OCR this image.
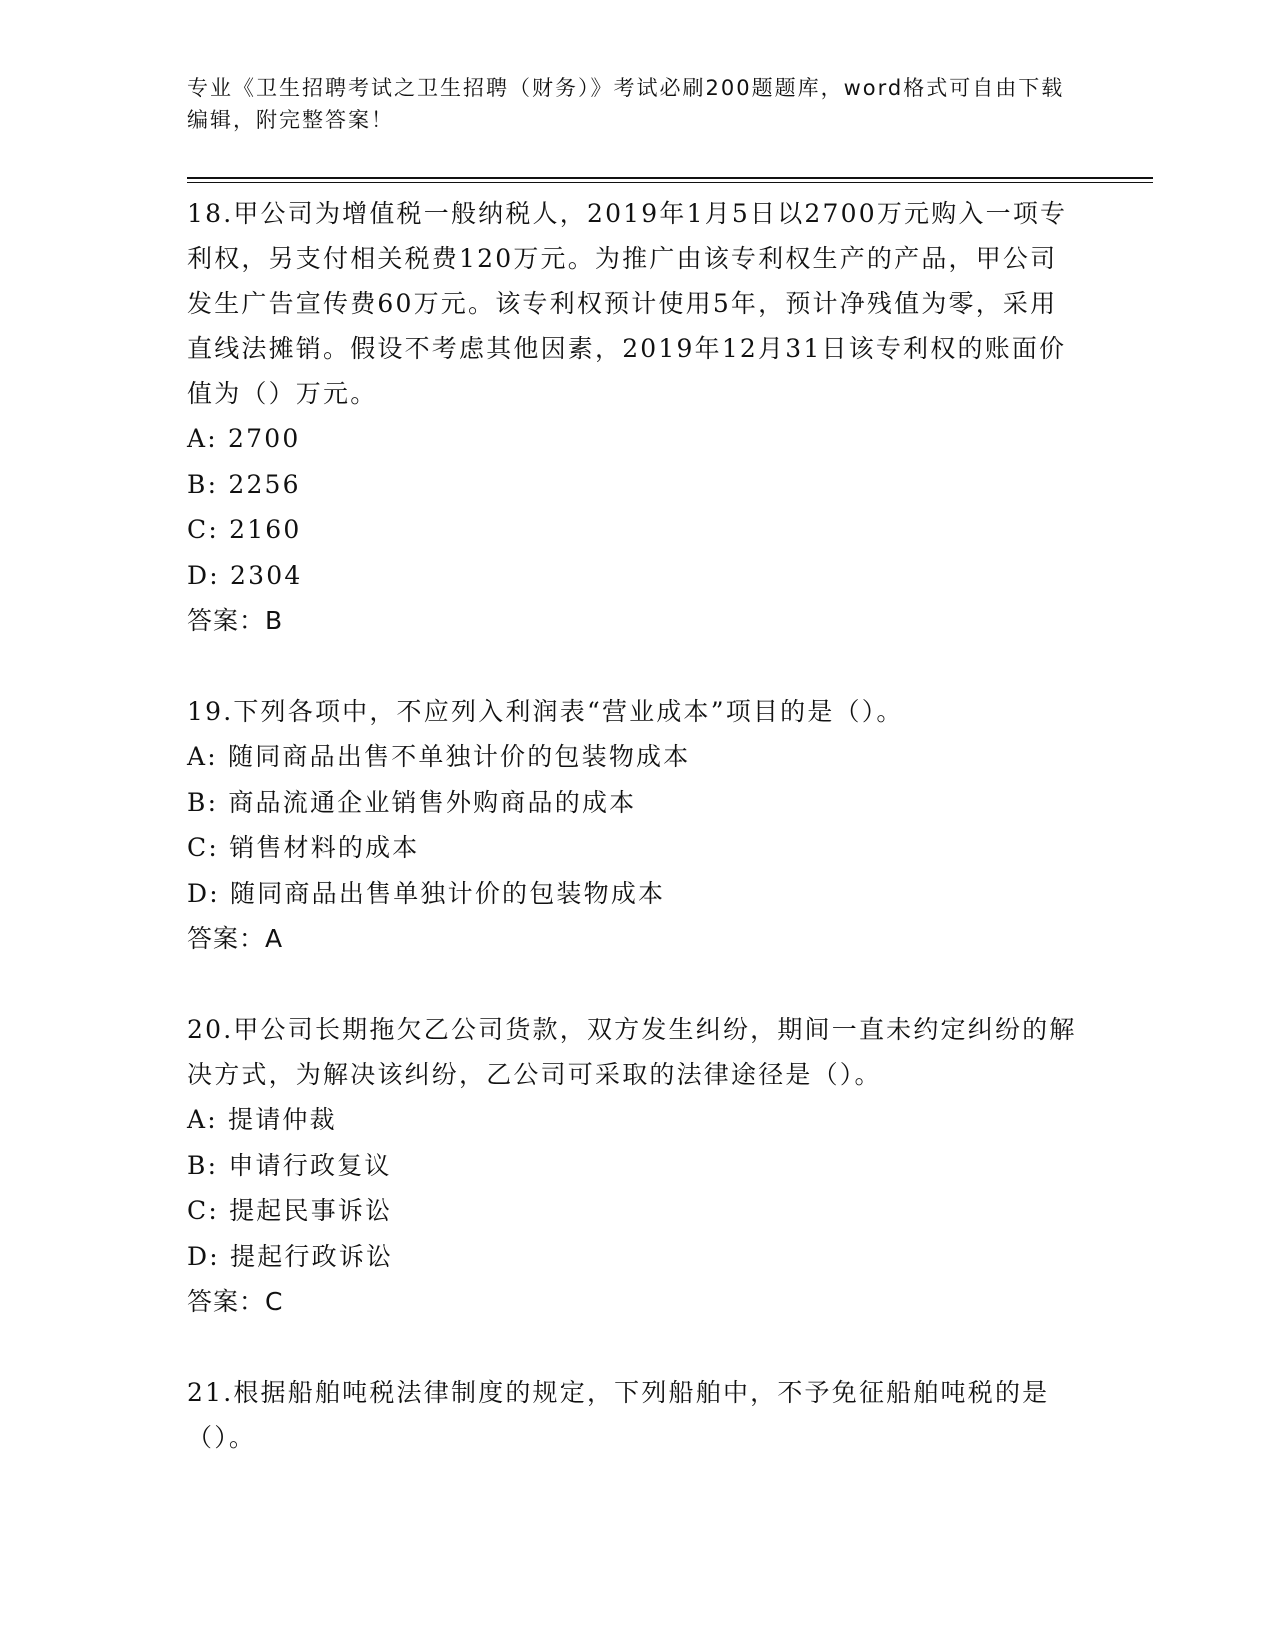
专业《卫生招聘考试之卫生招聘（财务）》考试必刷200题题库，word格式可自由下载编辑，附完整答案！

18.甲公司为增值税一般纳税人，2019年1月5日以2700万元购入一项专利权，另支付相关税费120万元。为推广由该专利权生产的产品，甲公司发生广告宣传费60万元。该专利权预计使用5年，预计净残值为零，采用直线法摊销。假设不考虑其他因素，2019年12月31日该专利权的账面价值为（）万元。

A: 2700

B: 2256

C: 2160

D: 2304

答案：B

19.下列各项中，不应列入利润表“营业成本”项目的是（）。

A: 随同商品出售不单独计价的包装物成本

B: 商品流通企业销售外购商品的成本

C: 销售材料的成本

D: 随同商品出售单独计价的包装物成本

答案：A

20.甲公司长期拖欠乙公司货款，双方发生纠纷，期间一直未约定纠纷的解决方式，为解决该纠纷，乙公司可采取的法律途径是（）。

A: 提请仲裁

B: 申请行政复议

C: 提起民事诉讼

D: 提起行政诉讼

答案：C

21.根据船舶吨税法律制度的规定，下列船舶中，不予免征船舶吨税的是（）。
